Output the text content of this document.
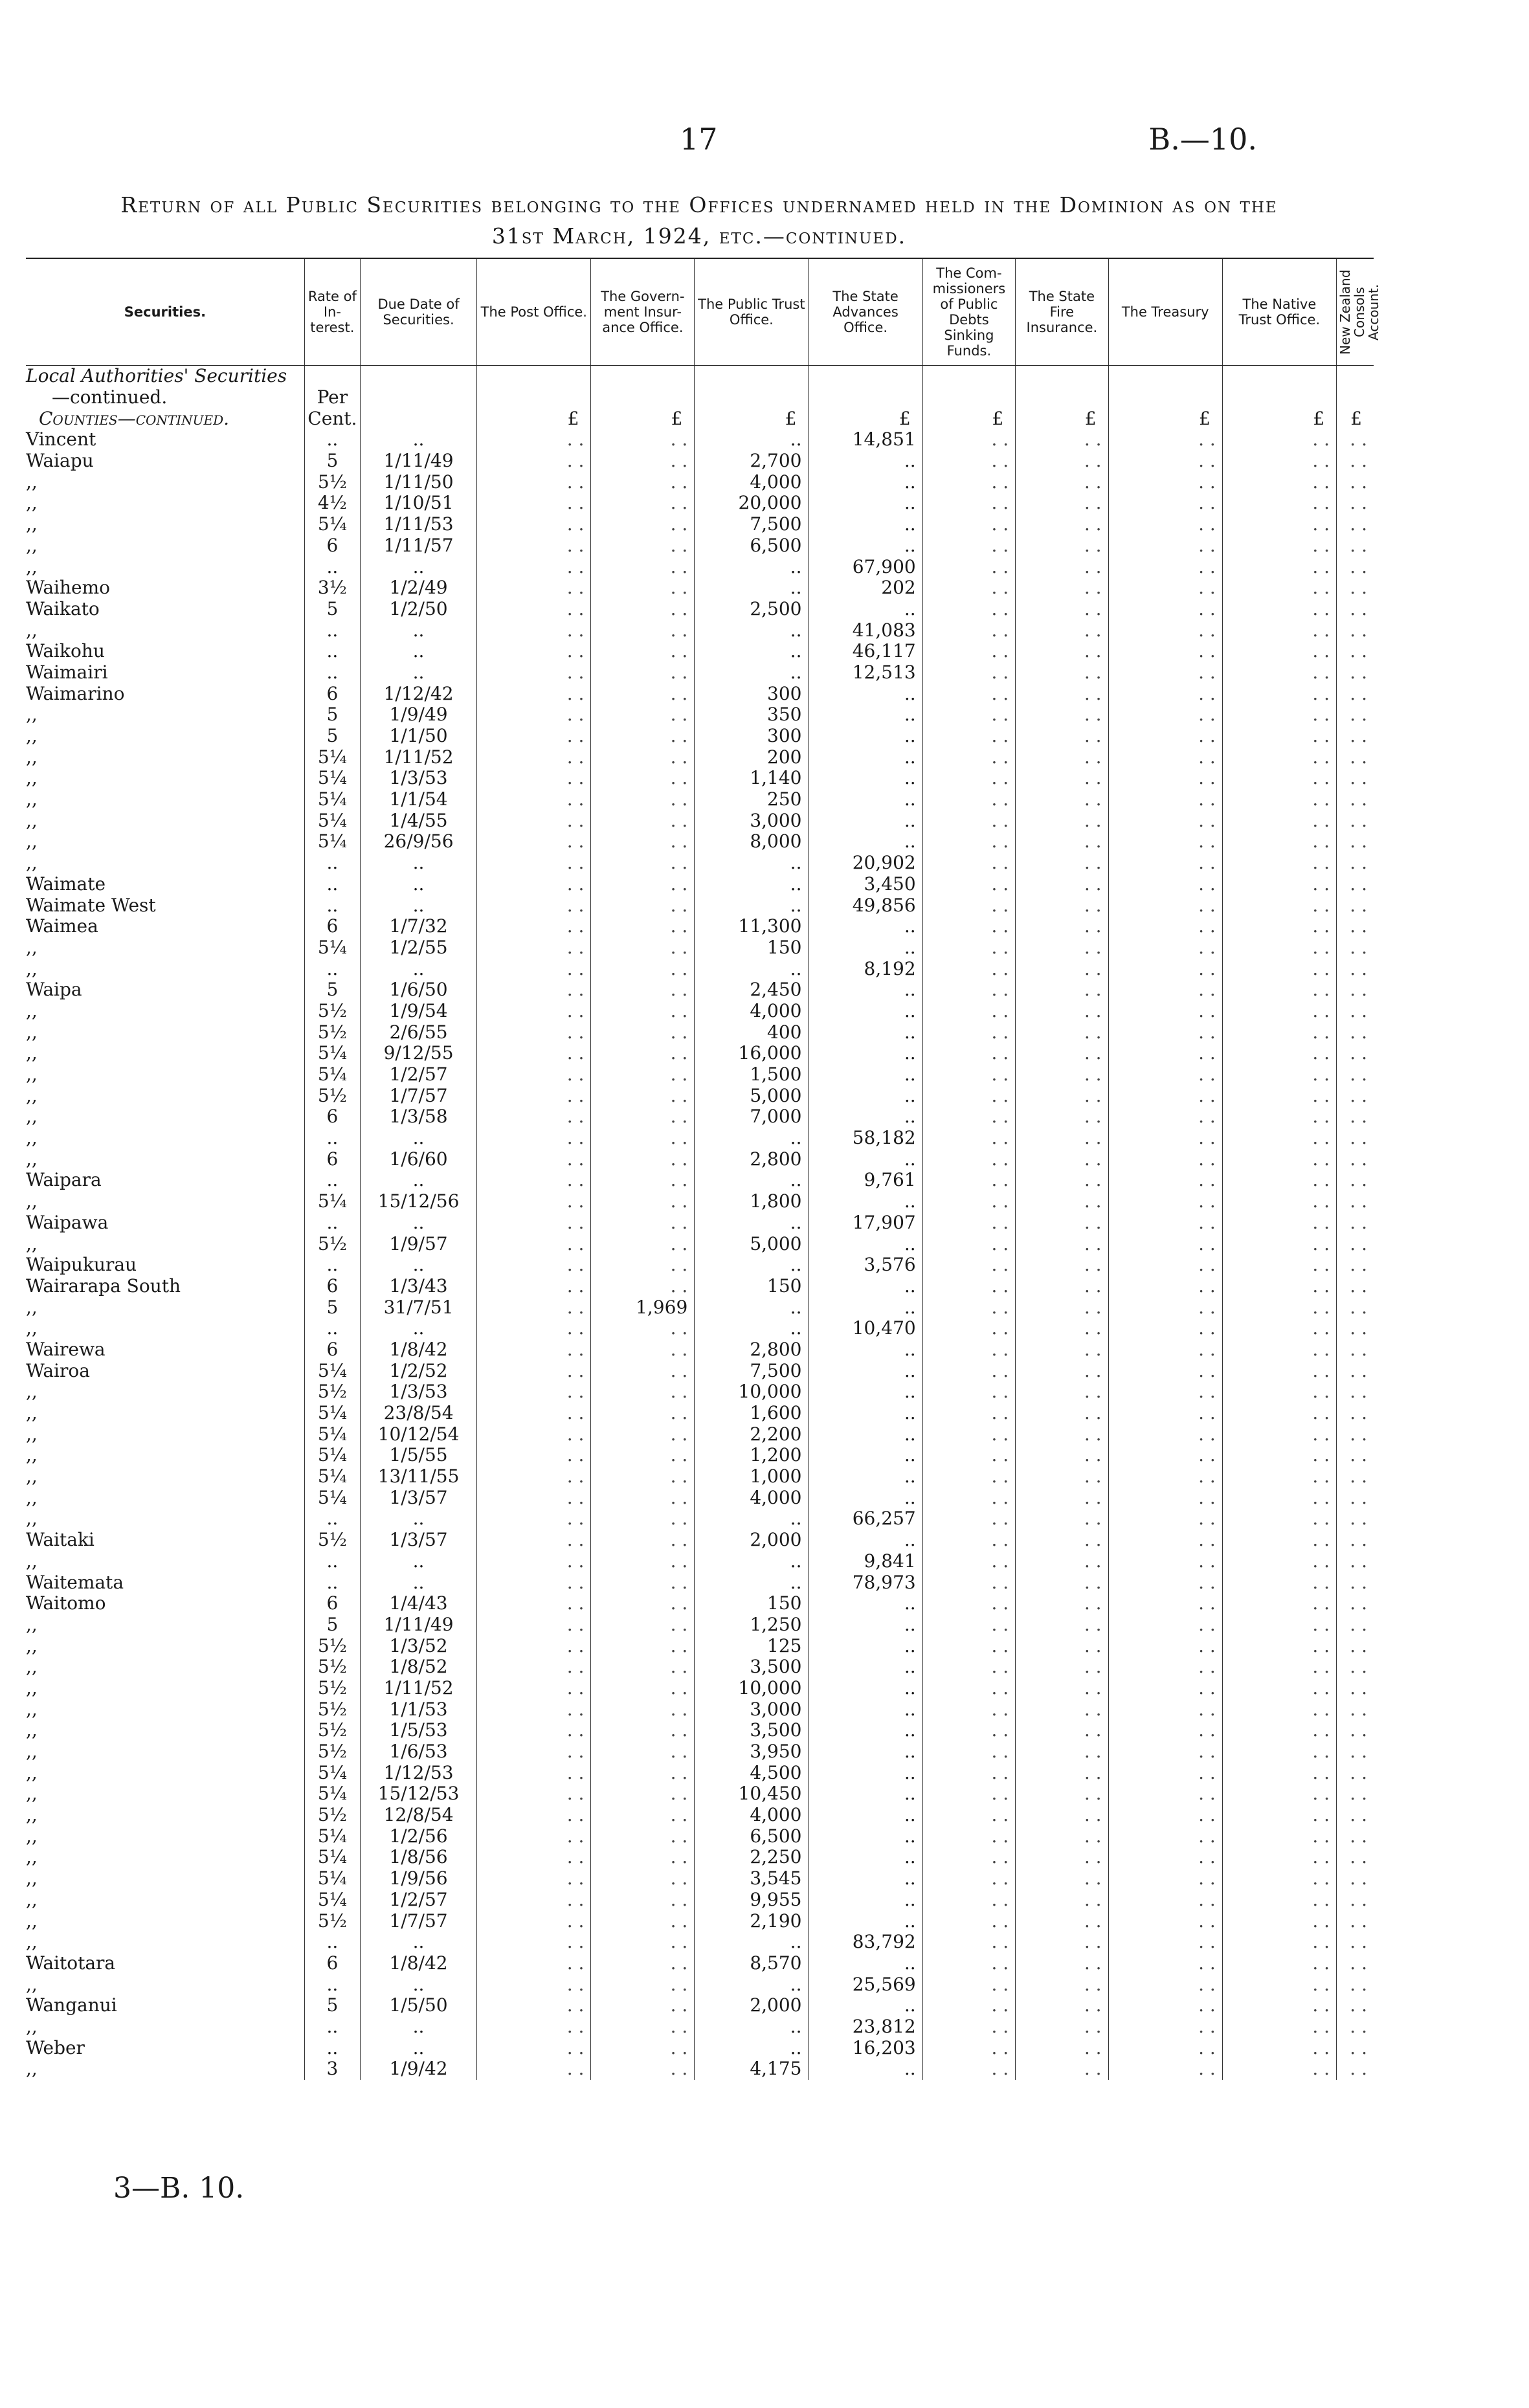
17	B.—10.
Return of all Public Securities belonging to the Offices undernamed held in the Dominion as on the
31st March, 1924, etc.—continued.
Securities.	Rate of In- terest.	Due Date of Securities.	The Post Office.	The Govern- ment Insur- ance Office.	The Public Trust Office.	The State Advances Office.	The Com- missioners of Public Debts Sinking Funds.	The State Fire Insurance.	The Treasury	The Native Trust Office.	New Zealand Consols Account.

Local Authorities' Securities											
—continued.	Per										
Counties—continued.	Cent.		£	£	£	£	£	£	£	£	£
Vincent	..	..	. .	. .	..	14,851	. .	. .	. .	. .	. .
Waiapu	5	1/11/49	. .	. .	2,700	..	. .	. .	. .	. .	. .
,,	5½	1/11/50	. .	. .	4,000	..	. .	. .	. .	. .	. .
,,	4½	1/10/51	. .	. .	20,000	..	. .	. .	. .	. .	. .
,,	5¼	1/11/53	. .	. .	7,500	..	. .	. .	. .	. .	. .
,,	6	1/11/57	. .	. .	6,500	..	. .	. .	. .	. .	. .
,,	..	..	. .	. .	..	67,900	. .	. .	. .	. .	. .
Waihemo	3½	1/2/49	. .	. .	..	202	. .	. .	. .	. .	. .
Waikato	5	1/2/50	. .	. .	2,500	..	. .	. .	. .	. .	. .
,,	..	..	. .	. .	..	41,083	. .	. .	. .	. .	. .
Waikohu	..	..	. .	. .	..	46,117	. .	. .	. .	. .	. .
Waimairi	..	..	. .	. .	..	12,513	. .	. .	. .	. .	. .
Waimarino	6	1/12/42	. .	. .	300	..	. .	. .	. .	. .	. .
,,	5	1/9/49	. .	. .	350	..	. .	. .	. .	. .	. .
,,	5	1/1/50	. .	. .	300	..	. .	. .	. .	. .	. .
,,	5¼	1/11/52	. .	. .	200	..	. .	. .	. .	. .	. .
,,	5¼	1/3/53	. .	. .	1,140	..	. .	. .	. .	. .	. .
,,	5¼	1/1/54	. .	. .	250	..	. .	. .	. .	. .	. .
,,	5¼	1/4/55	. .	. .	3,000	..	. .	. .	. .	. .	. .
,,	5¼	26/9/56	. .	. .	8,000	..	. .	. .	. .	. .	. .
,,	..	..	. .	. .	..	20,902	. .	. .	. .	. .	. .
Waimate	..	..	. .	. .	..	3,450	. .	. .	. .	. .	. .
Waimate West	..	..	. .	. .	..	49,856	. .	. .	. .	. .	. .
Waimea	6	1/7/32	. .	. .	11,300	..	. .	. .	. .	. .	. .
,,	5¼	1/2/55	. .	. .	150	..	. .	. .	. .	. .	. .
,,	..	..	. .	. .	..	8,192	. .	. .	. .	. .	. .
Waipa	5	1/6/50	. .	. .	2,450	..	. .	. .	. .	. .	. .
,,	5½	1/9/54	. .	. .	4,000	..	. .	. .	. .	. .	. .
,,	5½	2/6/55	. .	. .	400	..	. .	. .	. .	. .	. .
,,	5¼	9/12/55	. .	. .	16,000	..	. .	. .	. .	. .	. .
,,	5¼	1/2/57	. .	. .	1,500	..	. .	. .	. .	. .	. .
,,	5½	1/7/57	. .	. .	5,000	..	. .	. .	. .	. .	. .
,,	6	1/3/58	. .	. .	7,000	..	. .	. .	. .	. .	. .
,,	..	..	. .	. .	..	58,182	. .	. .	. .	. .	. .
,,	6	1/6/60	. .	. .	2,800	..	. .	. .	. .	. .	. .
Waipara	..	..	. .	. .	..	9,761	. .	. .	. .	. .	. .
,,	5¼	15/12/56	. .	. .	1,800	..	. .	. .	. .	. .	. .
Waipawa	..	..	. .	. .	..	17,907	. .	. .	. .	. .	. .
,,	5½	1/9/57	. .	. .	5,000	..	. .	. .	. .	. .	. .
Waipukurau	..	..	. .	. .	..	3,576	. .	. .	. .	. .	. .
Wairarapa South	6	1/3/43	. .	. .	150	..	. .	. .	. .	. .	. .
,,	5	31/7/51	. .	1,969	..	..	. .	. .	. .	. .	. .
,,	..	..	. .	. .	..	10,470	. .	. .	. .	. .	. .
Wairewa	6	1/8/42	. .	. .	2,800	..	. .	. .	. .	. .	. .
Wairoa	5¼	1/2/52	. .	. .	7,500	..	. .	. .	. .	. .	. .
,,	5½	1/3/53	. .	. .	10,000	..	. .	. .	. .	. .	. .
,,	5¼	23/8/54	. .	. .	1,600	..	. .	. .	. .	. .	. .
,,	5¼	10/12/54	. .	. .	2,200	..	. .	. .	. .	. .	. .
,,	5¼	1/5/55	. .	. .	1,200	..	. .	. .	. .	. .	. .
,,	5¼	13/11/55	. .	. .	1,000	..	. .	. .	. .	. .	. .
,,	5¼	1/3/57	. .	. .	4,000	..	. .	. .	. .	. .	. .
,,	..	..	. .	. .	..	66,257	. .	. .	. .	. .	. .
Waitaki	5½	1/3/57	. .	. .	2,000	..	. .	. .	. .	. .	. .
,,	..	..	. .	. .	..	9,841	. .	. .	. .	. .	. .
Waitemata	..	..	. .	. .	..	78,973	. .	. .	. .	. .	. .
Waitomo	6	1/4/43	. .	. .	150	..	. .	. .	. .	. .	. .
,,	5	1/11/49	. .	. .	1,250	..	. .	. .	. .	. .	. .
,,	5½	1/3/52	. .	. .	125	..	. .	. .	. .	. .	. .
,,	5½	1/8/52	. .	. .	3,500	..	. .	. .	. .	. .	. .
,,	5½	1/11/52	. .	. .	10,000	..	. .	. .	. .	. .	. .
,,	5½	1/1/53	. .	. .	3,000	..	. .	. .	. .	. .	. .
,,	5½	1/5/53	. .	. .	3,500	..	. .	. .	. .	. .	. .
,,	5½	1/6/53	. .	. .	3,950	..	. .	. .	. .	. .	. .
,,	5¼	1/12/53	. .	. .	4,500	..	. .	. .	. .	. .	. .
,,	5¼	15/12/53	. .	. .	10,450	..	. .	. .	. .	. .	. .
,,	5½	12/8/54	. .	. .	4,000	..	. .	. .	. .	. .	. .
,,	5¼	1/2/56	. .	. .	6,500	..	. .	. .	. .	. .	. .
,,	5¼	1/8/56	. .	. .	2,250	..	. .	. .	. .	. .	. .
,,	5¼	1/9/56	. .	. .	3,545	..	. .	. .	. .	. .	. .
,,	5¼	1/2/57	. .	. .	9,955	..	. .	. .	. .	. .	. .
,,	5½	1/7/57	. .	. .	2,190	..	. .	. .	. .	. .	. .
,,	..	..	. .	. .	..	83,792	. .	. .	. .	. .	. .
Waitotara	6	1/8/42	. .	. .	8,570	..	. .	. .	. .	. .	. .
,,	..	..	. .	. .	..	25,569	. .	. .	. .	. .	. .
Wanganui	5	1/5/50	. .	. .	2,000	..	. .	. .	. .	. .	. .
,,	..	..	. .	. .	..	23,812	. .	. .	. .	. .	. .
Weber	..	..	. .	. .	..	16,203	. .	. .	. .	. .	. .
,,	3	1/9/42	. .	. .	4,175	..	. .	. .	. .	. .	. .
3—B. 10.
